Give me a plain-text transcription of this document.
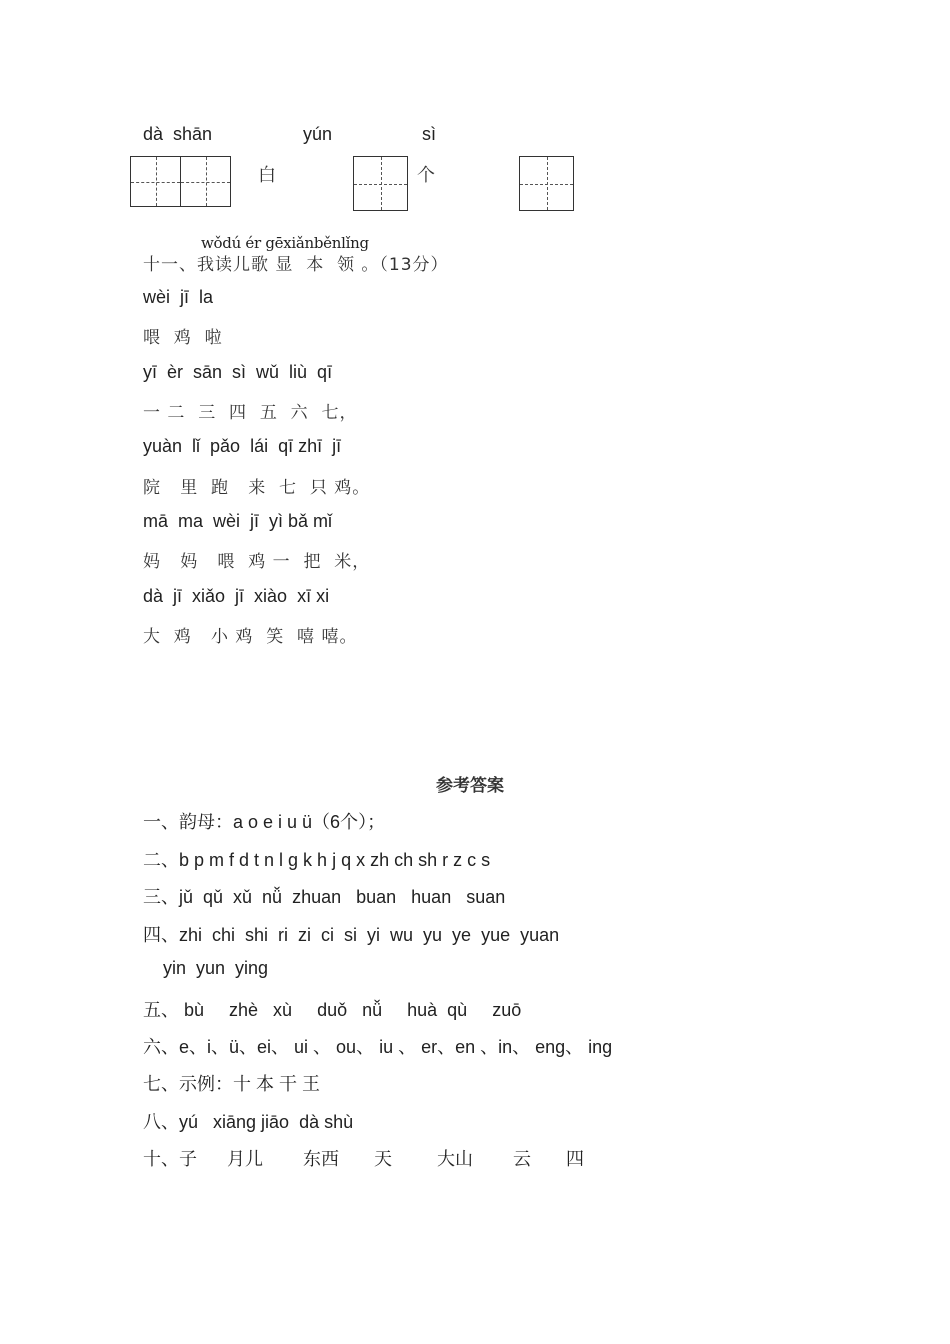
dà  shān	yún	sì
白	个
wǒdú ér gēxiǎnběnlǐng
十一、我读儿歌 显  本  领 。（13分）
wèi  jī  la
喂  鸡  啦
yī  èr  sān  sì  wǔ  liù  qī
一 二  三  四  五  六  七，
yuàn  lǐ  pǎo  lái  qī zhī  jī
院   里  跑   来  七  只 鸡。
mā  ma  wèi  jī  yì bǎ mǐ
妈   妈   喂  鸡 一  把  米，
dà  jī  xiǎo  jī  xiào  xī xi
大  鸡   小 鸡  笑  嘻 嘻。
参考答案
一、韵母：a o e i u ü（6个）；
二、b p m f d t n l g k h j q x zh ch sh r z c s
三、jǔ  qǔ  xǔ  nǚ  zhuan   buan   huan   suan
四、zhi  chi  shi  ri  zi  ci  si  yi  wu  yu  ye  yue  yuan
yin  yun  ying
五、 bù     zhè   xù     duǒ   nǚ     huà  qù     zuō
六、e、i、ü、ei、 ui 、 ou、 iu 、 er、en 、in、 eng、 ing
七、示例：十 本 干 王
八、yú   xiāng jiāo  dà shù
十、子      月儿        东西       天         大山        云       四
